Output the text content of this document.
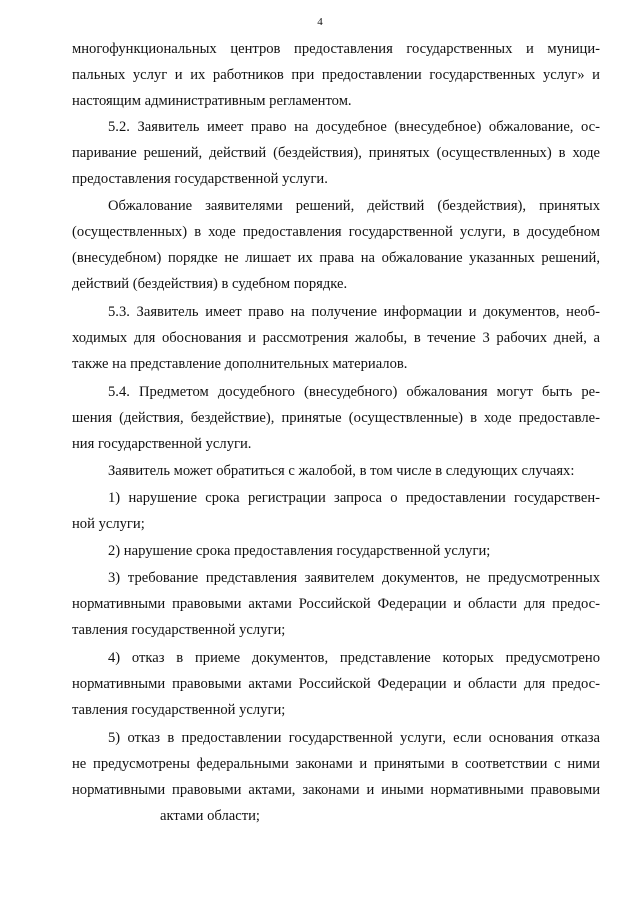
4
многофункциональных центров предоставления государственных и муници-
пальных услуг и их работников при предоставлении государственных услуг» и
настоящим административным регламентом.
5.2. Заявитель имеет право на досудебное (внесудебное) обжалование, ос-
паривание решений, действий (бездействия), принятых (осуществленных) в ходе
предоставления государственной услуги.
Обжалование заявителями решений, действий (бездействия), принятых
(осуществленных) в ходе предоставления государственной услуги, в досудебном
(внесудебном) порядке не лишает их права на обжалование указанных решений,
действий (бездействия) в судебном порядке.
5.3. Заявитель имеет право на получение информации и документов, необ-
ходимых для обоснования и рассмотрения жалобы, в течение 3 рабочих дней, а
также на представление дополнительных материалов.
5.4. Предметом досудебного (внесудебного) обжалования могут быть ре-
шения (действия, бездействие), принятые (осуществленные) в ходе предоставле-
ния государственной услуги.
Заявитель может обратиться с жалобой, в том числе в следующих случаях:
1) нарушение срока регистрации запроса о предоставлении государствен-
ной услуги;
2) нарушение срока предоставления государственной услуги;
3) требование представления заявителем документов, не предусмотренных
нормативными правовыми актами Российской Федерации и области для предос-
тавления государственной услуги;
4) отказ в приеме документов, представление которых предусмотрено
нормативными правовыми актами Российской Федерации и области для предос-
тавления государственной услуги;
5) отказ в предоставлении государственной услуги, если основания отказа
не предусмотрены федеральными законами и принятыми в соответствии с ними
нормативными правовыми актами, законами и иными нормативными правовыми
актами области;
